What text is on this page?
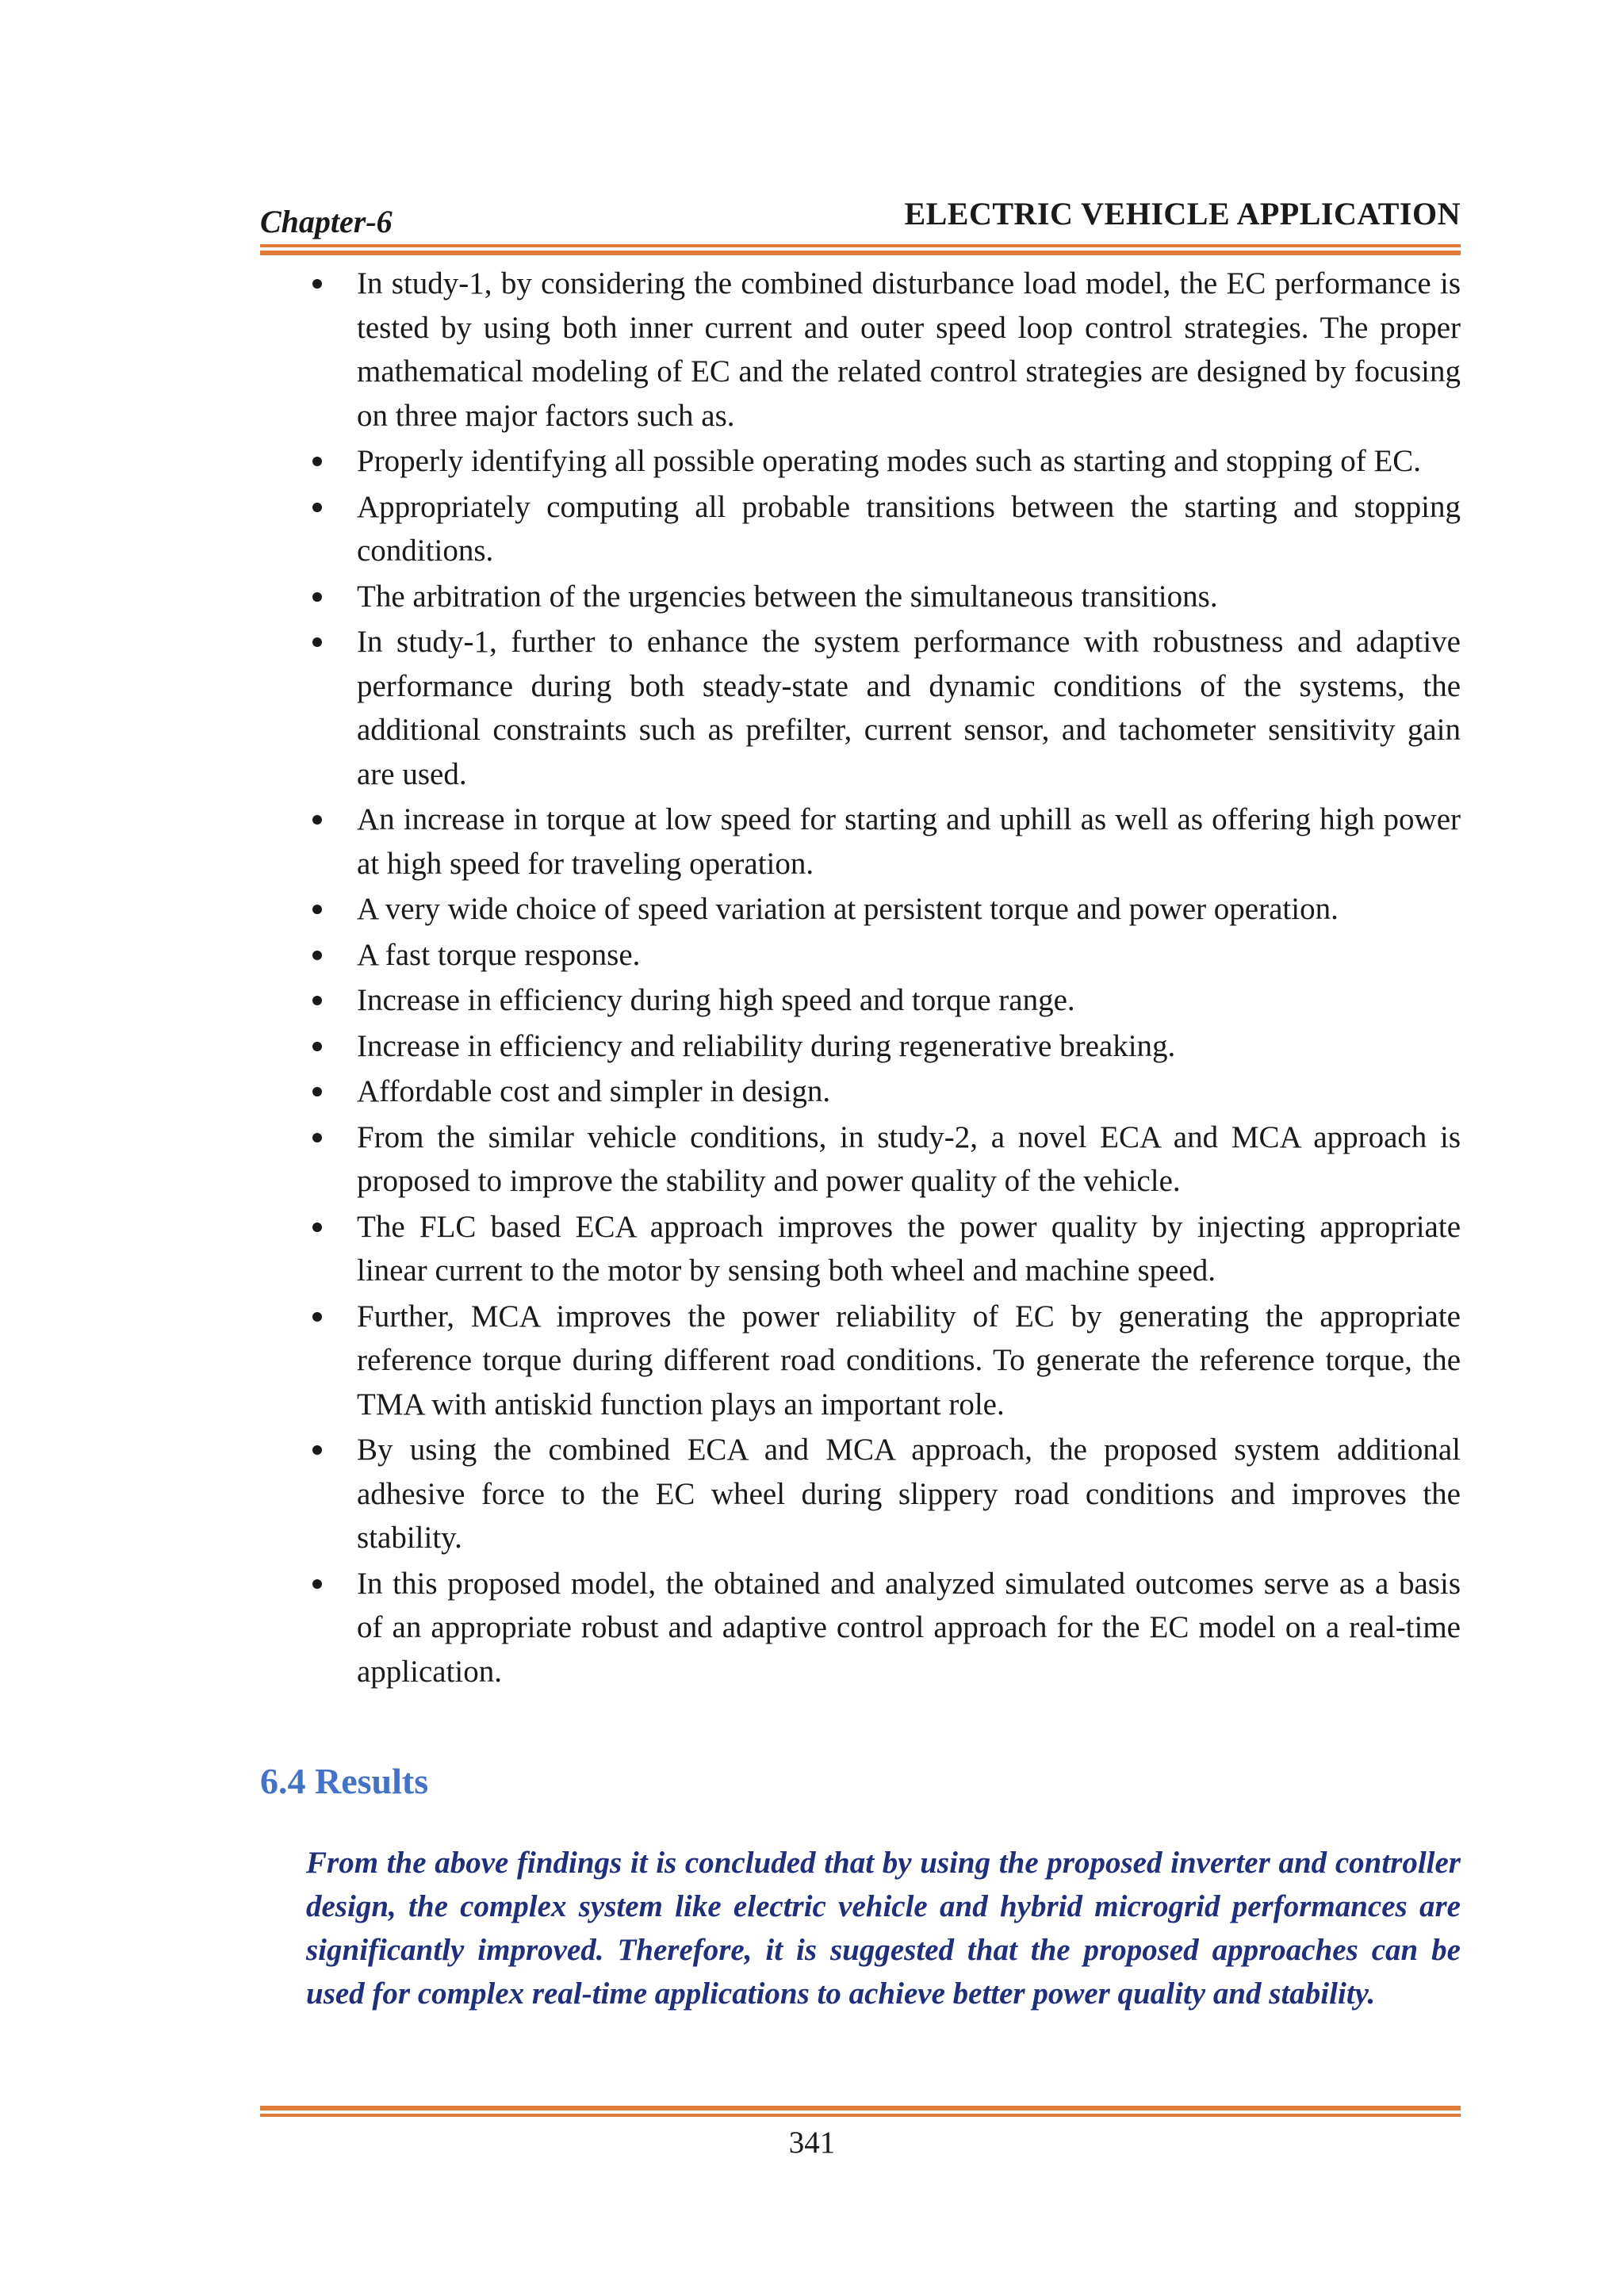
Chapter-6	ELECTRIC VEHICLE APPLICATION
In study-1, by considering the combined disturbance load model, the EC performance is tested by using both inner current and outer speed loop control strategies. The proper mathematical modeling of EC and the related control strategies are designed by focusing on three major factors such as.
Properly identifying all possible operating modes such as starting and stopping of EC.
Appropriately computing all probable transitions between the starting and stopping conditions.
The arbitration of the urgencies between the simultaneous transitions.
In study-1, further to enhance the system performance with robustness and adaptive performance during both steady-state and dynamic conditions of the systems, the additional constraints such as prefilter, current sensor, and tachometer sensitivity gain are used.
An increase in torque at low speed for starting and uphill as well as offering high power at high speed for traveling operation.
A very wide choice of speed variation at persistent torque and power operation.
A fast torque response.
Increase in efficiency during high speed and torque range.
Increase in efficiency and reliability during regenerative breaking.
Affordable cost and simpler in design.
From the similar vehicle conditions, in study-2, a novel ECA and MCA approach is proposed to improve the stability and power quality of the vehicle.
The FLC based ECA approach improves the power quality by injecting appropriate linear current to the motor by sensing both wheel and machine speed.
Further, MCA improves the power reliability of EC by generating the appropriate reference torque during different road conditions. To generate the reference torque, the TMA with antiskid function plays an important role.
By using the combined ECA and MCA approach, the proposed system additional adhesive force to the EC wheel during slippery road conditions and improves the stability.
In this proposed model, the obtained and analyzed simulated outcomes serve as a basis of an appropriate robust and adaptive control approach for the EC model on a real-time application.
6.4 Results
From the above findings it is concluded that by using the proposed inverter and controller design, the complex system like electric vehicle and hybrid microgrid performances are significantly improved. Therefore, it is suggested that the proposed approaches can be used for complex real-time applications to achieve better power quality and stability.
341
